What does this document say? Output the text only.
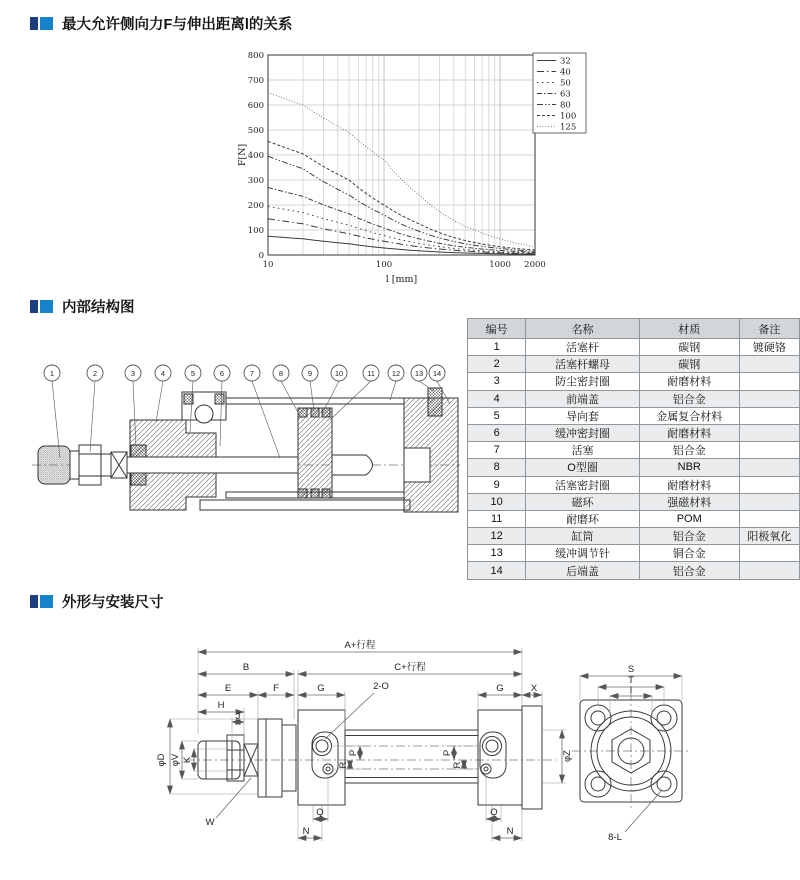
最大允许侧向力F与伸出距离l的关系
0
100
200
300
400
500
600
700
800
10	100	1000 2000
F[N]
l [mm]
32
40
50
63
80
100
125
内部结构图
1	2	3	4	5	6	7	8	9	10	11 12 13 14
编号	名称	材质	备注
1	活塞杆	碳钢	镀硬铬
2	活塞杆螺母	碳钢	
3	防尘密封圈	耐磨材料	
4	前端盖	铝合金	
5	导向套	金属复合材料	
6	缓冲密封圈	耐磨材料	
7	活塞	铝合金	
8	O型圈	NBR	
9	活塞密封圈	耐磨材料	
10	磁环	强磁材料	
11	耐磨环	POM	
12	缸筒	铝合金	阳极氧化
13	缓冲调节针	铜合金	
14	后端盖	铝合金	
外形与安装尺寸
A+行程
B	C+行程
E	F	G	G	X
H
J
φD φV K
W
2-O
P
R
P
R
Q	Q
N	N
φZ
S
T
I
8-L
